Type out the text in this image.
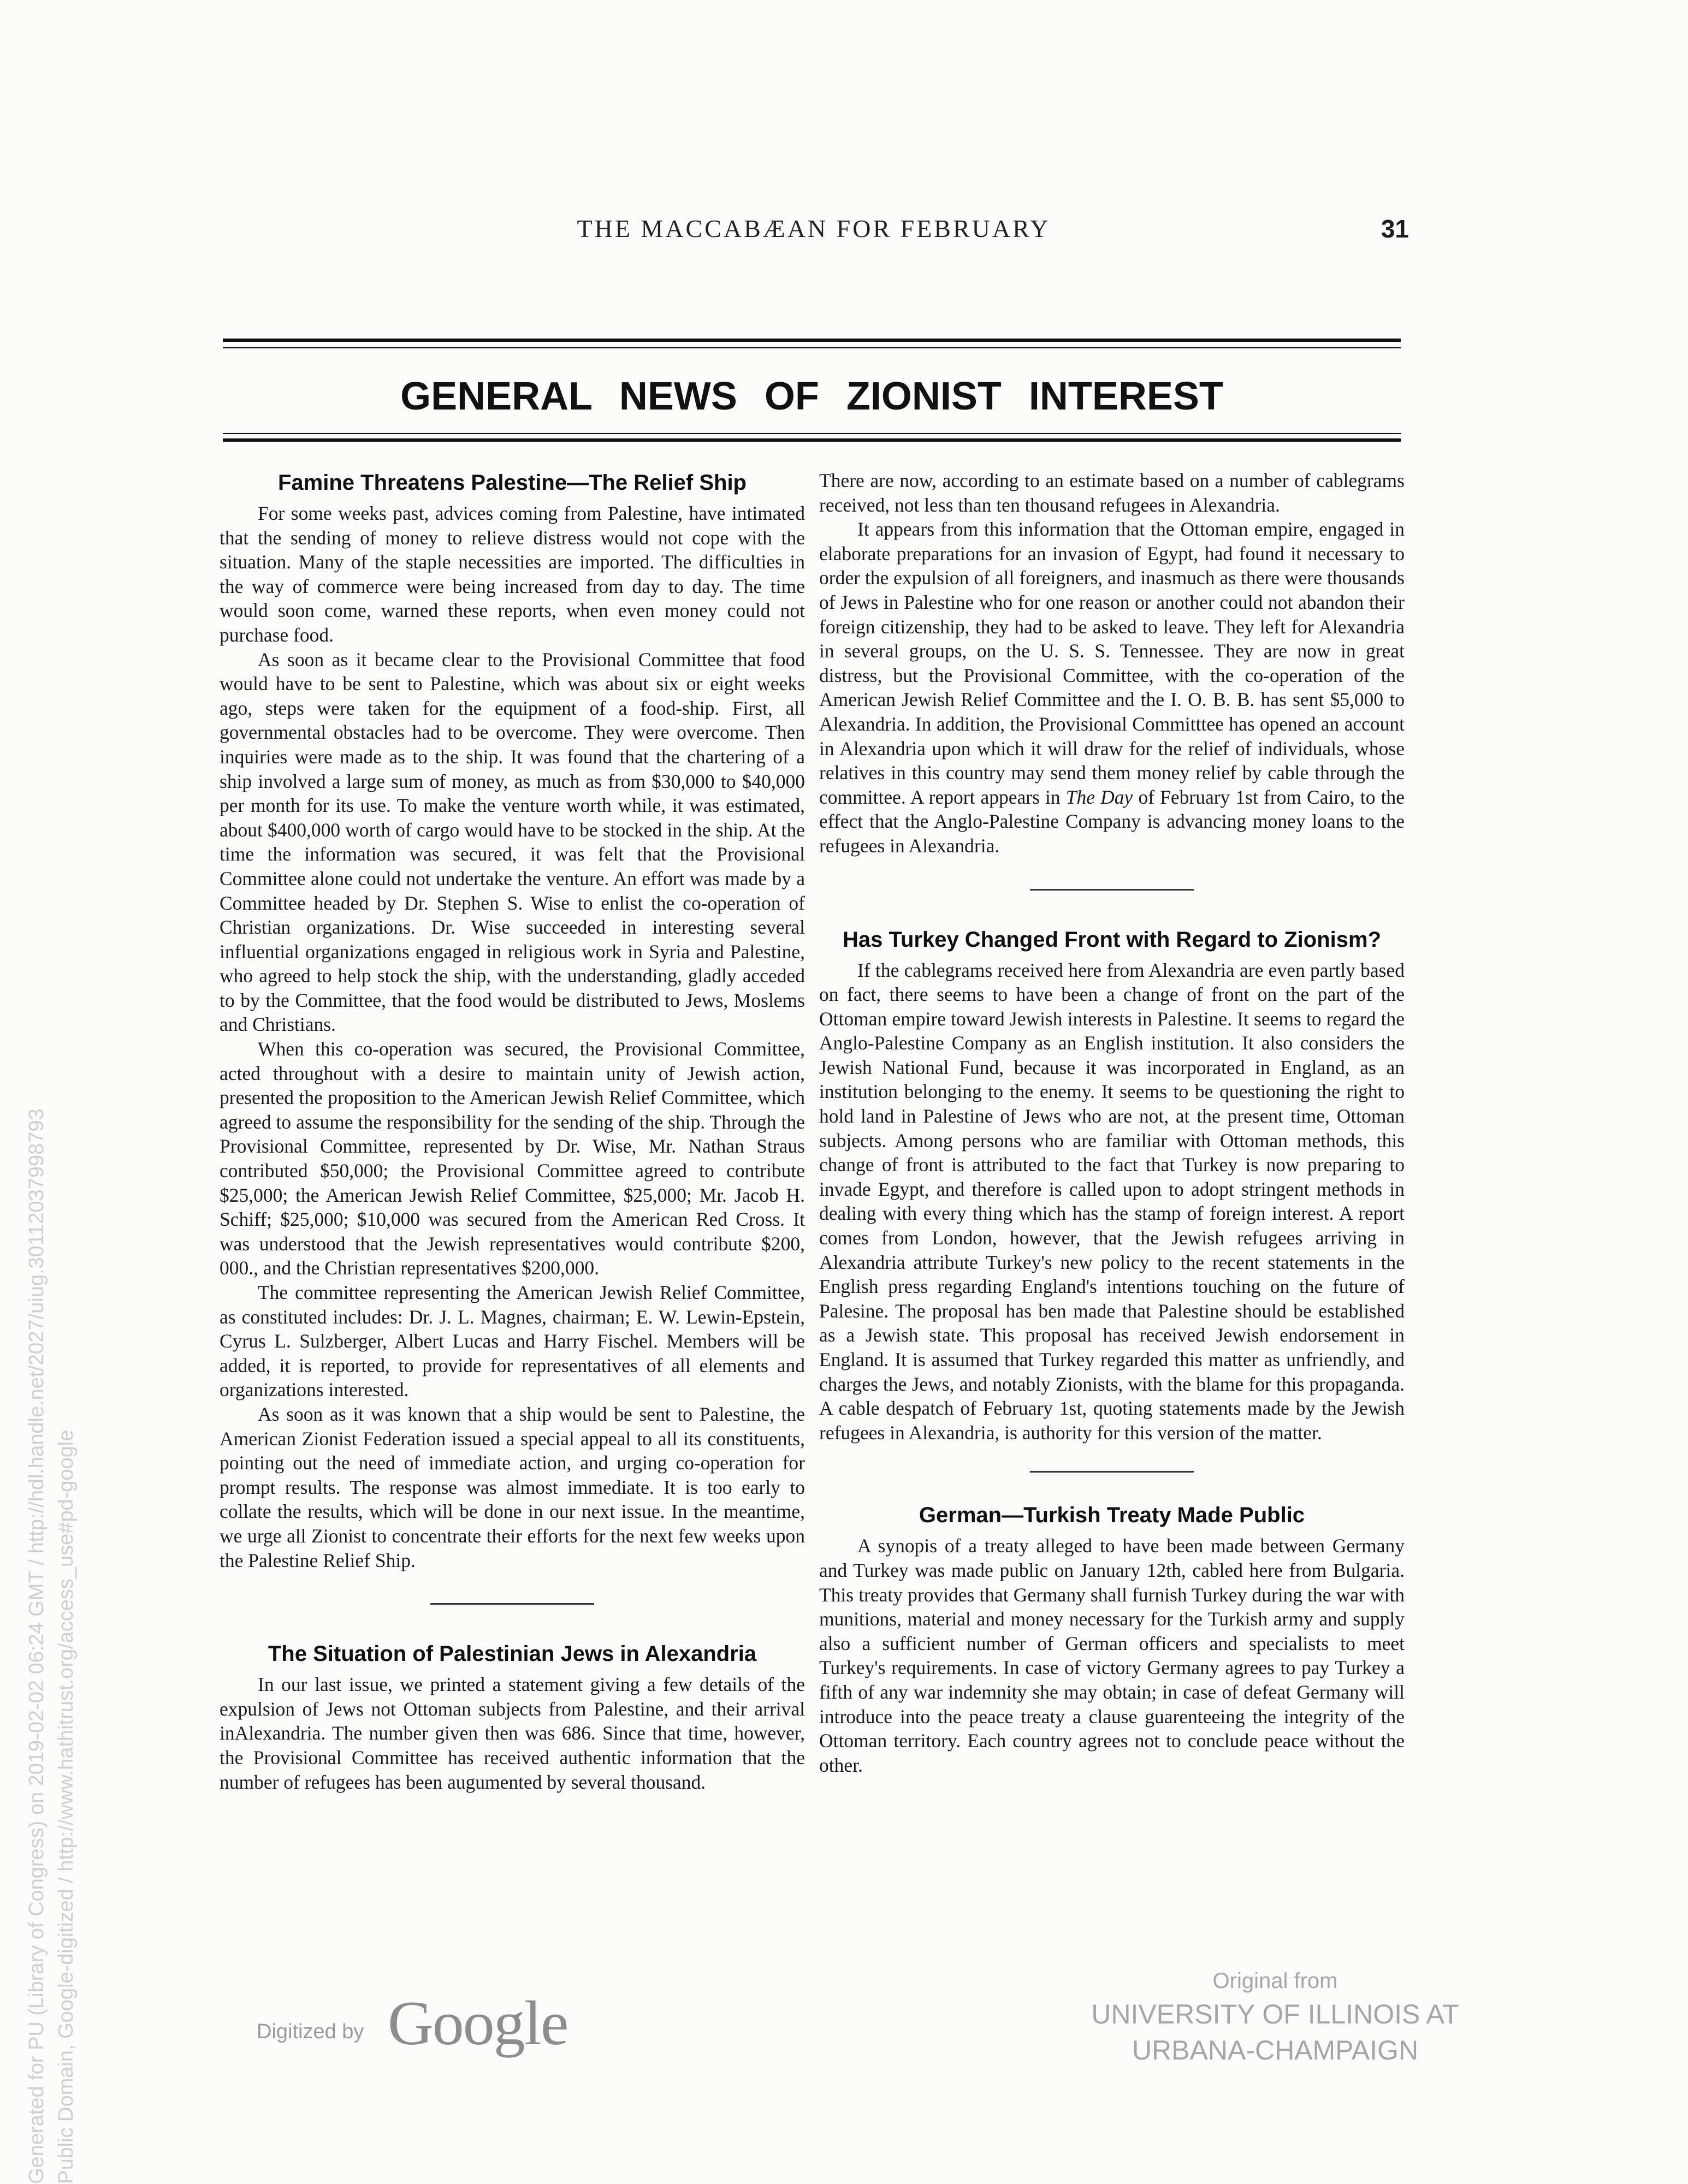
THE MACCABÆAN FOR FEBRUARY	31
GENERAL NEWS OF ZIONIST INTEREST
Famine Threatens Palestine—The Relief Ship

For some weeks past, advices coming from Palestine, have intimated that the sending of money to relieve distress would not cope with the situation. Many of the staple necessities are imported. The difficulties in the way of commerce were being increased from day to day. The time would soon come, warned these reports, when even money could not purchase food.

As soon as it became clear to the Provisional Committee that food would have to be sent to Palestine, which was about six or eight weeks ago, steps were taken for the equipment of a food-ship. First, all governmental obstacles had to be overcome. They were overcome. Then inquiries were made as to the ship. It was found that the chartering of a ship involved a large sum of money, as much as from $30,000 to $40,000 per month for its use. To make the venture worth while, it was estimated, about $400,000 worth of cargo would have to be stocked in the ship. At the time the information was secured, it was felt that the Provisional Committee alone could not undertake the venture. An effort was made by a Committee headed by Dr. Stephen S. Wise to enlist the co-operation of Christian organizations. Dr. Wise succeeded in interesting several influential organizations engaged in religious work in Syria and Palestine, who agreed to help stock the ship, with the understanding, gladly acceded to by the Committee, that the food would be distributed to Jews, Moslems and Christians.

When this co-operation was secured, the Provisional Committee, acted throughout with a desire to maintain unity of Jewish action, presented the proposition to the American Jewish Relief Committee, which agreed to assume the responsibility for the sending of the ship. Through the Provisional Committee, represented by Dr. Wise, Mr. Nathan Straus contributed $50,000; the Provisional Committee agreed to contribute $25,000; the American Jewish Relief Committee, $25,000; Mr. Jacob H. Schiff; $25,000; $10,000 was secured from the American Red Cross. It was understood that the Jewish representatives would contribute $200, 000., and the Christian representatives $200,000.

The committee representing the American Jewish Relief Committee, as constituted includes: Dr. J. L. Magnes, chairman; E. W. Lewin-Epstein, Cyrus L. Sulzberger, Albert Lucas and Harry Fischel. Members will be added, it is reported, to provide for representatives of all elements and organizations interested.

As soon as it was known that a ship would be sent to Palestine, the American Zionist Federation issued a special appeal to all its constituents, pointing out the need of immediate action, and urging co-operation for prompt results. The response was almost immediate. It is too early to collate the results, which will be done in our next issue. In the meantime, we urge all Zionist to concentrate their efforts for the next few weeks upon the Palestine Relief Ship.

The Situation of Palestinian Jews in Alexandria

In our last issue, we printed a statement giving a few details of the expulsion of Jews not Ottoman subjects from Palestine, and their arrival inAlexandria. The number given then was 686. Since that time, however, the Provisional Committee has received authentic information that the number of refugees has been augumented by several thousand.

There are now, according to an estimate based on a number of cablegrams received, not less than ten thousand refugees in Alexandria.

It appears from this information that the Ottoman empire, engaged in elaborate preparations for an invasion of Egypt, had found it necessary to order the expulsion of all foreigners, and inasmuch as there were thousands of Jews in Palestine who for one reason or another could not abandon their foreign citizenship, they had to be asked to leave. They left for Alexandria in several groups, on the U. S. S. Tennessee. They are now in great distress, but the Provisional Committee, with the co-operation of the American Jewish Relief Committee and the I. O. B. B. has sent $5,000 to Alexandria. In addition, the Provisional Committtee has opened an account in Alexandria upon which it will draw for the relief of individuals, whose relatives in this country may send them money relief by cable through the committee. A report appears in The Day of February 1st from Cairo, to the effect that the Anglo-Palestine Company is advancing money loans to the refugees in Alexandria.

Has Turkey Changed Front with Regard to Zionism?

If the cablegrams received here from Alexandria are even partly based on fact, there seems to have been a change of front on the part of the Ottoman empire toward Jewish interests in Palestine. It seems to regard the Anglo-Palestine Company as an English institution. It also considers the Jewish National Fund, because it was incorporated in England, as an institution belonging to the enemy. It seems to be questioning the right to hold land in Palestine of Jews who are not, at the present time, Ottoman subjects. Among persons who are familiar with Ottoman methods, this change of front is attributed to the fact that Turkey is now preparing to invade Egypt, and therefore is called upon to adopt stringent methods in dealing with every thing which has the stamp of foreign interest. A report comes from London, however, that the Jewish refugees arriving in Alexandria attribute Turkey's new policy to the recent statements in the English press regarding England's intentions touching on the future of Palesine. The proposal has ben made that Palestine should be established as a Jewish state. This proposal has received Jewish endorsement in England. It is assumed that Turkey regarded this matter as unfriendly, and charges the Jews, and notably Zionists, with the blame for this propaganda. A cable despatch of February 1st, quoting statements made by the Jewish refugees in Alexandria, is authority for this version of the matter.

German—Turkish Treaty Made Public

A synopis of a treaty alleged to have been made between Germany and Turkey was made public on January 12th, cabled here from Bulgaria. This treaty provides that Germany shall furnish Turkey during the war with munitions, material and money necessary for the Turkish army and supply also a sufficient number of German officers and specialists to meet Turkey's requirements. In case of victory Germany agrees to pay Turkey a fifth of any war indemnity she may obtain; in case of defeat Germany will introduce into the peace treaty a clause guarenteeing the integrity of the Ottoman territory. Each country agrees not to conclude peace without the other.

Digitized by Google
Original from
UNIVERSITY OF ILLINOIS AT
URBANA-CHAMPAIGN
Generated for PU (Library of Congress) on 2019-02-02 06:24 GMT / http://hdl.handle.net/2027/uiug.30112037998793 Public Domain, Google-digitized / http://www.hathitrust.org/access_use#pd-google
